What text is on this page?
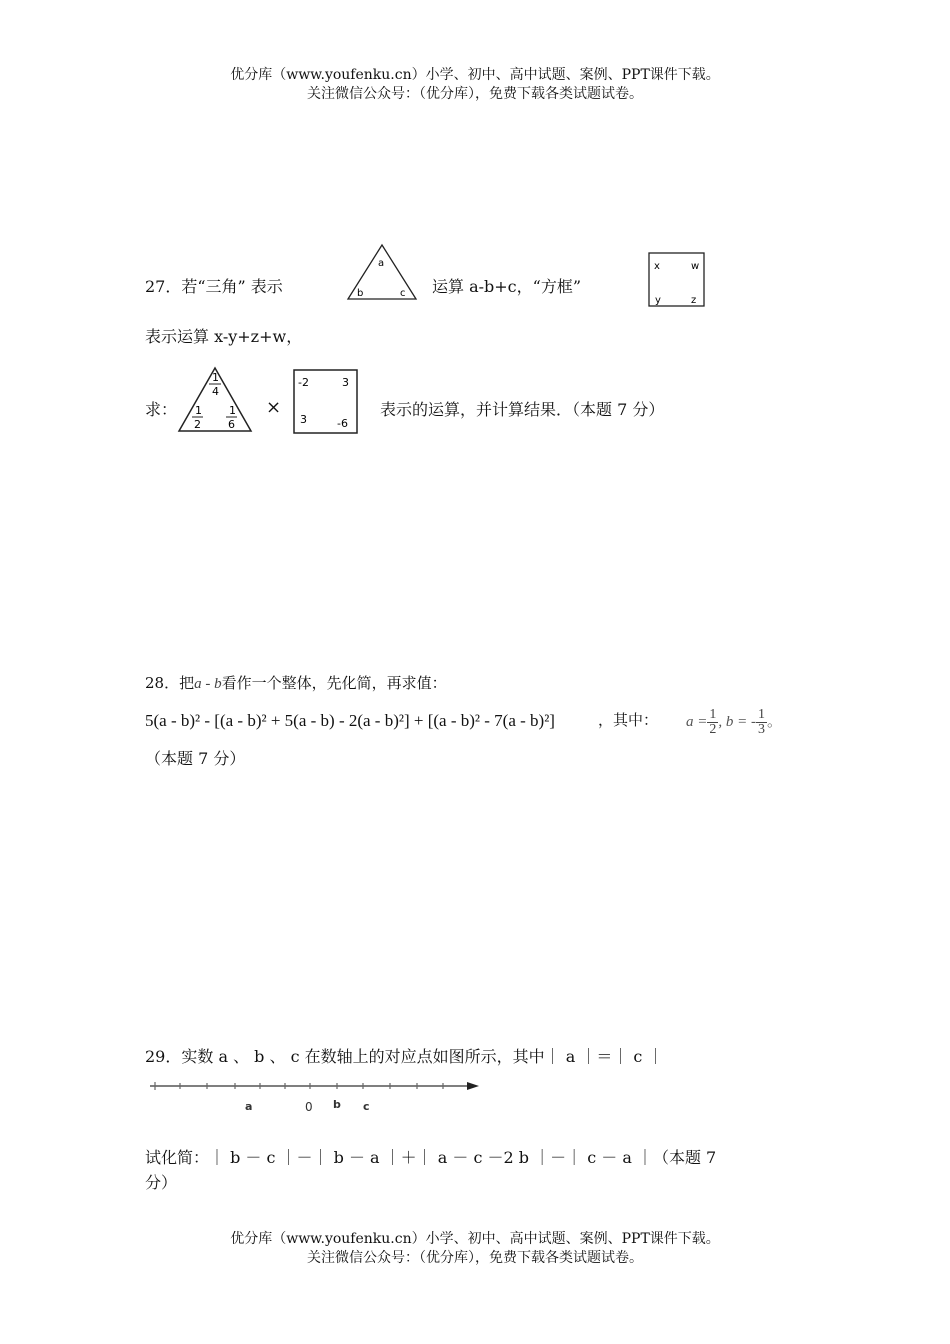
优分库（www.youfenku.cn）小学、初中、高中试题、案例、PPT课件下载。
关注微信公众号：（优分库），免费下载各类试题试卷。
27．若“三角” 表示
a
b	c 运算 a-b+c，“方框”
x	w
y	z
表示运算 x-y+z+w，
求：
1
4
1
2
1
6
×
-2	3
3	-6
表示的运算，并计算结果．（本题 7 分）
28．把a - b看作一个整体，先化简，再求值：
5(a - b)² - [(a - b)² + 5(a - b) - 2(a - b)²] + [(a - b)² - 7(a - b)²]	，其中： $a = \frac{1}{2}$ , b = - $\frac{1}{3}$ 。
（本题 7 分）
29．实数 a 、 b 、 c 在数轴上的对应点如图所示，其中｜ a ｜＝｜ c ｜
a	0 b c
试化简：｜ b － c ｜－｜ b － a ｜＋｜ a － c －2 b ｜－｜ c － a ｜（本题 7
分）
优分库（www.youfenku.cn）小学、初中、高中试题、案例、PPT课件下载。
关注微信公众号：（优分库），免费下载各类试题试卷。
